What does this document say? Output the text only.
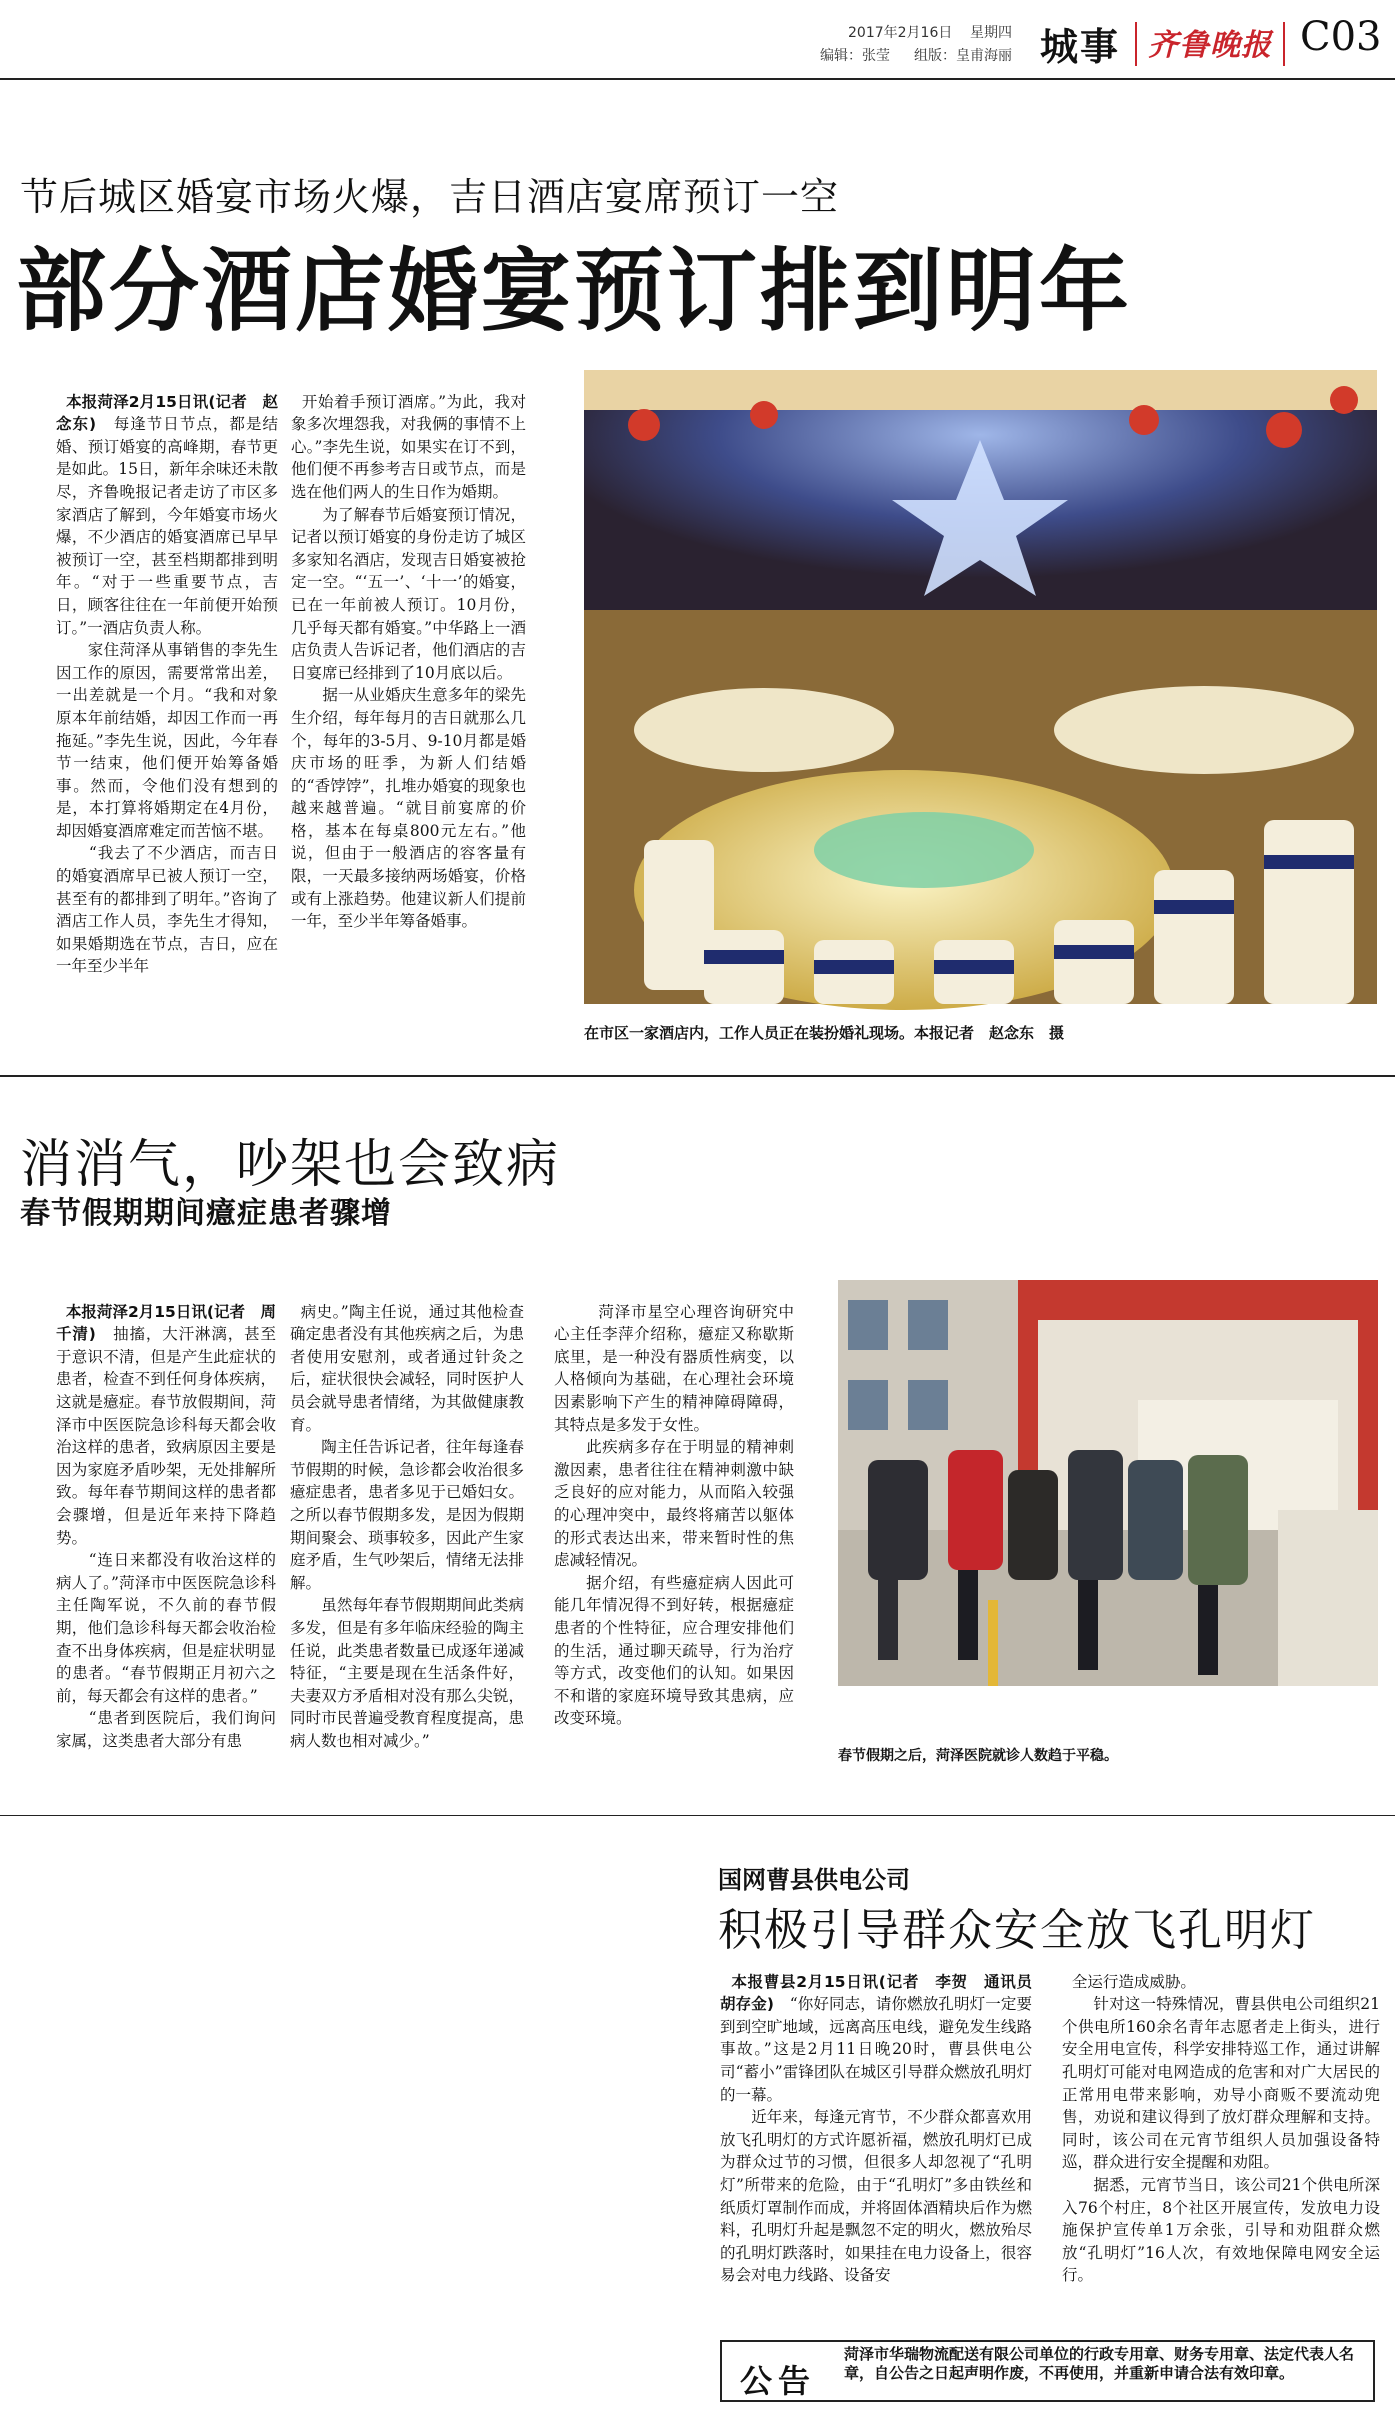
2017年2月16日 星期四
编辑：张莹 组版：皇甫海丽 城事 齐鲁晚报 C03
节后城区婚宴市场火爆，吉日酒店宴席预订一空
部分酒店婚宴预订排到明年

本报菏泽2月15日讯(记者　赵念东)　每逢节日节点，都是结婚、预订婚宴的高峰期，春节更是如此。15日，新年余味还未散尽，齐鲁晚报记者走访了市区多家酒店了解到，今年婚宴市场火爆，不少酒店的婚宴酒席已早早被预订一空，甚至档期都排到明年。“对于一些重要节点，吉日，顾客往往在一年前便开始预订。”一酒店负责人称。
　　家住菏泽从事销售的李先生因工作的原因，需要常常出差，一出差就是一个月。“我和对象原本年前结婚，却因工作而一再拖延。”李先生说，因此，今年春节一结束，他们便开始筹备婚事。然而，令他们没有想到的是，本打算将婚期定在4月份，却因婚宴酒席难定而苦恼不堪。
　　“我去了不少酒店，而吉日的婚宴酒席早已被人预订一空，甚至有的都排到了明年。”咨询了酒店工作人员，李先生才得知，如果婚期选在节点，吉日，应在一年至少半年

开始着手预订酒席。”为此，我对象多次埋怨我，对我俩的事情不上心。”李先生说，如果实在订不到，他们便不再参考吉日或节点，而是选在他们两人的生日作为婚期。
　　为了解春节后婚宴预订情况，记者以预订婚宴的身份走访了城区多家知名酒店，发现吉日婚宴被抢定一空。“‘五一’、‘十一’的婚宴，已在一年前被人预订。10月份，几乎每天都有婚宴。”中华路上一酒店负责人告诉记者，他们酒店的吉日宴席已经排到了10月底以后。
　　据一从业婚庆生意多年的梁先生介绍，每年每月的吉日就那么几个，每年的3-5月、9-10月都是婚庆市场的旺季，为新人们结婚的“香饽饽”，扎堆办婚宴的现象也越来越普遍。“就目前宴席的价格，基本在每桌800元左右。”他说，但由于一般酒店的容客量有限，一天最多接纳两场婚宴，价格或有上涨趋势。他建议新人们提前一年，至少半年筹备婚事。

在市区一家酒店内，工作人员正在装扮婚礼现场。本报记者　赵念东　摄
消消气，吵架也会致病
春节假期期间癔症患者骤增

本报菏泽2月15日讯(记者　周千清)　抽搐，大汗淋漓，甚至于意识不清，但是产生此症状的患者，检查不到任何身体疾病，这就是癔症。春节放假期间，菏泽市中医医院急诊科每天都会收治这样的患者，致病原因主要是因为家庭矛盾吵架，无处排解所致。每年春节期间这样的患者都会骤增，但是近年来持下降趋势。
　　“连日来都没有收治这样的病人了。”菏泽市中医医院急诊科主任陶军说，不久前的春节假期，他们急诊科每天都会收治检查不出身体疾病，但是症状明显的患者。“春节假期正月初六之前，每天都会有这样的患者。”
　　“患者到医院后，我们询问家属，这类患者大部分有患

病史。”陶主任说，通过其他检查确定患者没有其他疾病之后，为患者使用安慰剂，或者通过针灸之后，症状很快会减轻，同时医护人员会就导患者情绪，为其做健康教育。
　　陶主任告诉记者，往年每逢春节假期的时候，急诊都会收治很多癔症患者，患者多见于已婚妇女。之所以春节假期多发，是因为假期期间聚会、琐事较多，因此产生家庭矛盾，生气吵架后，情绪无法排解。
　　虽然每年春节假期期间此类病多发，但是有多年临床经验的陶主任说，此类患者数量已成逐年递减特征，“主要是现在生活条件好，夫妻双方矛盾相对没有那么尖锐，同时市民普遍受教育程度提高，患病人数也相对减少。”

　　菏泽市星空心理咨询研究中心主任李萍介绍称，癔症又称歇斯底里，是一种没有器质性病变，以人格倾向为基础，在心理社会环境因素影响下产生的精神障碍障碍，其特点是多发于女性。
　　此疾病多存在于明显的精神刺激因素，患者往往在精神刺激中缺乏良好的应对能力，从而陷入较强的心理冲突中，最终将痛苦以躯体的形式表达出来，带来暂时性的焦虑减轻情况。
　　据介绍，有些癔症病人因此可能几年情况得不到好转，根据癔症患者的个性特征，应合理安排他们的生活，通过聊天疏导，行为治疗等方式，改变他们的认知。如果因不和谐的家庭环境导致其患病，应改变环境。

春节假期之后，菏泽医院就诊人数趋于平稳。
国网曹县供电公司
积极引导群众安全放飞孔明灯

本报曹县2月15日讯(记者　李贺　通讯员　胡存金)　“你好同志，请你燃放孔明灯一定要到到空旷地域，远离高压电线，避免发生线路事故。”这是2月11日晚20时，曹县供电公司“蓄小”雷锋团队在城区引导群众燃放孔明灯的一幕。
　　近年来，每逢元宵节，不少群众都喜欢用放飞孔明灯的方式许愿祈福，燃放孔明灯已成为群众过节的习惯，但很多人却忽视了“孔明灯”所带来的危险，由于“孔明灯”多由铁丝和纸质灯罩制作而成，并将固体酒精块后作为燃料，孔明灯升起是飘忽不定的明火，燃放殆尽的孔明灯跌落时，如果挂在电力设备上，很容易会对电力线路、设备安

全运行造成威胁。
　　针对这一特殊情况，曹县供电公司组织21个供电所160余名青年志愿者走上街头，进行安全用电宣传，科学安排特巡工作，通过讲解孔明灯可能对电网造成的危害和对广大居民的正常用电带来影响，劝导小商贩不要流动兜售，劝说和建议得到了放灯群众理解和支持。同时，该公司在元宵节组织人员加强设备特巡，群众进行安全提醒和劝阻。
　　据悉，元宵节当日，该公司21个供电所深入76个村庄，8个社区开展宣传，发放电力设施保护宣传单1万余张，引导和劝阻群众燃放“孔明灯”16人次，有效地保障电网安全运行。

公告
菏泽市华瑞物流配送有限公司单位的行政专用章、财务专用章、法定代表人名章，自公告之日起声明作废，不再使用，并重新申请合法有效印章。
